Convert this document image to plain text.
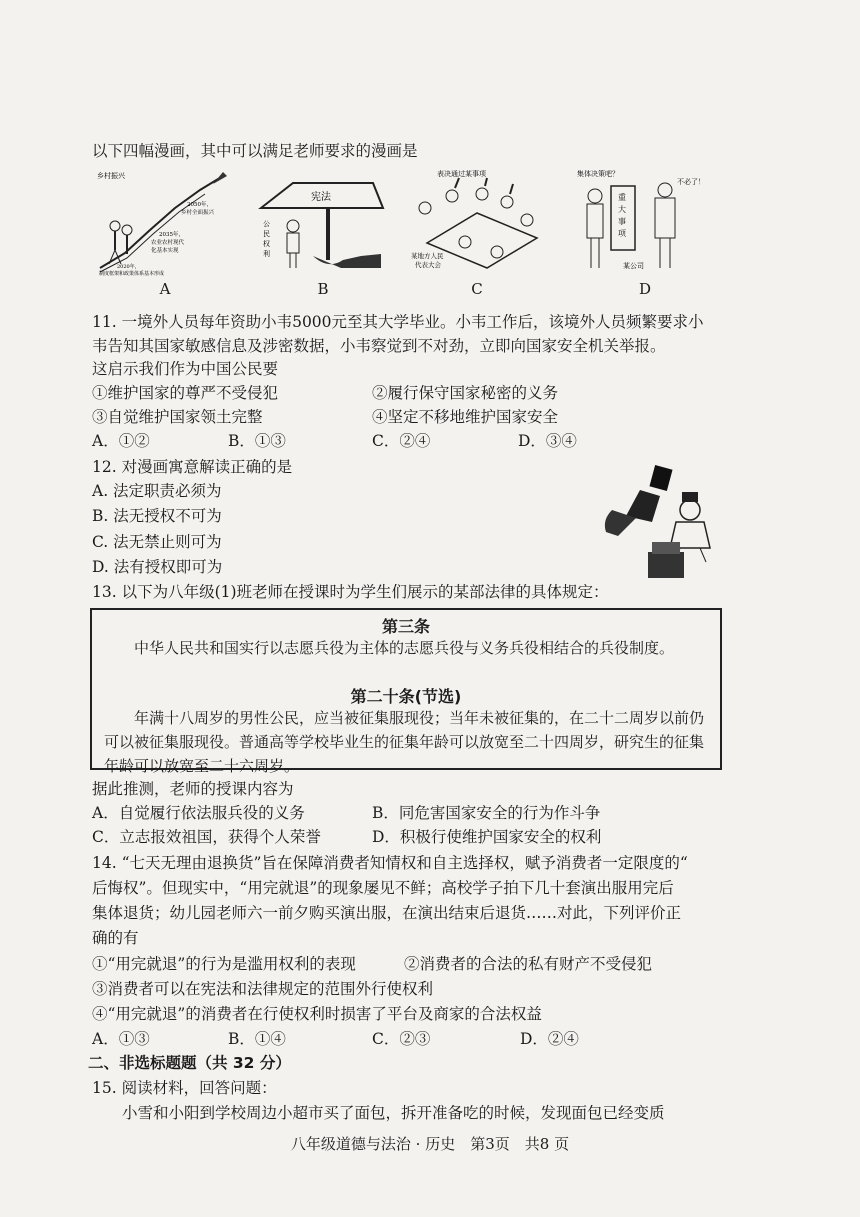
以下四幅漫画，其中可以满足老师要求的漫画是
乡村振兴
2050年，
乡村全面振兴
2035年，
农业农村现代
化基本实现
2020年，
制度框架和政策体系基本形成
A
宪法
公
民
权
利
B
表决通过某事项
某地方人民
代表大会
C
集体决策吧？
重
大
事
项
不必了！
某公司
D
11. 一境外人员每年资助小韦5000元至其大学毕业。小韦工作后，该境外人员频繁要求小
韦告知其国家敏感信息及涉密数据，小韦察觉到不对劲，立即向国家安全机关举报。
这启示我们作为中国公民要
①维护国家的尊严不受侵犯	②履行保守国家秘密的义务
③自觉维护国家领土完整	④坚定不移地维护国家安全
A．①②	B．①③	C．②④	D．③④
12. 对漫画寓意解读正确的是
A. 法定职责必须为
B. 法无授权不可为
C. 法无禁止则可为
D. 法有授权即可为
13. 以下为八年级(1)班老师在授课时为学生们展示的某部法律的具体规定：
第三条
中华人民共和国实行以志愿兵役为主体的志愿兵役与义务兵役相结合的兵役制度。
第二十条(节选)
年满十八周岁的男性公民，应当被征集服现役；当年未被征集的，在二十二周岁以前仍可以被征集服现役。普通高等学校毕业生的征集年龄可以放宽至二十四周岁，研究生的征集年龄可以放宽至二十六周岁。
据此推测，老师的授课内容为
A．自觉履行依法服兵役的义务	B．同危害国家安全的行为作斗争
C．立志报效祖国，获得个人荣誉	D．积极行使维护国家安全的权利
14. “七天无理由退换货”旨在保障消费者知情权和自主选择权，赋予消费者一定限度的“
后悔权”。但现实中，“用完就退”的现象屡见不鲜；高校学子拍下几十套演出服用完后
集体退货；幼儿园老师六一前夕购买演出服，在演出结束后退货……对此，下列评价正
确的有
①“用完就退”的行为是滥用权利的表现	②消费者的合法的私有财产不受侵犯
③消费者可以在宪法和法律规定的范围外行使权利
④“用完就退”的消费者在行使权利时损害了平台及商家的合法权益
A．①③	B．①④	C．②③	D．②④
二、非选标题题（共 32 分）
15. 阅读材料，回答问题：
小雪和小阳到学校周边小超市买了面包，拆开准备吃的时候，发现面包已经变质
八年级道德与法治 · 历史　第3页　共8 页
